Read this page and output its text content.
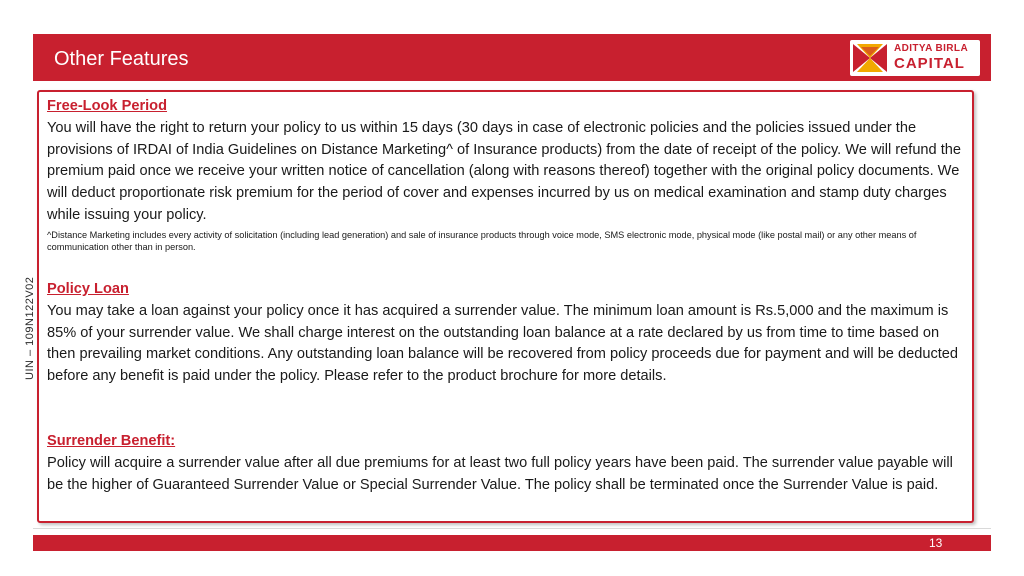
Other Features	ADITYA BIRLA
CAPITAL
UIN – 109N122V02
Free-Look Period
You will have the right to return your policy to us within 15 days (30 days in case of electronic policies and the policies issued under the provisions of IRDAI of India Guidelines on Distance Marketing^ of Insurance products) from the date of receipt of the policy. We will refund the premium paid once we receive your written notice of cancellation (along with reasons thereof) together with the original policy documents. We will deduct proportionate risk premium for the period of cover and expenses incurred by us on medical examination and stamp duty charges while issuing your policy.
^Distance Marketing includes every activity of solicitation (including lead generation) and sale of insurance products through voice mode, SMS electronic mode, physical mode (like postal mail) or any other means of communication other than in person.
Policy Loan
You may take a loan against your policy once it has acquired a surrender value. The minimum loan amount is Rs.5,000 and the maximum is 85% of your surrender value. We shall charge interest on the outstanding loan balance at a rate declared by us from time to time based on then prevailing market conditions. Any outstanding loan balance will be recovered from policy proceeds due for payment and will be deducted before any benefit is paid under the policy. Please refer to the product brochure for more details.
Surrender Benefit:
Policy will acquire a surrender value after all due premiums for at least two full policy years have been paid. The surrender value payable will be the higher of Guaranteed Surrender Value or Special Surrender Value. The policy shall be terminated once the Surrender Value is paid.
13
